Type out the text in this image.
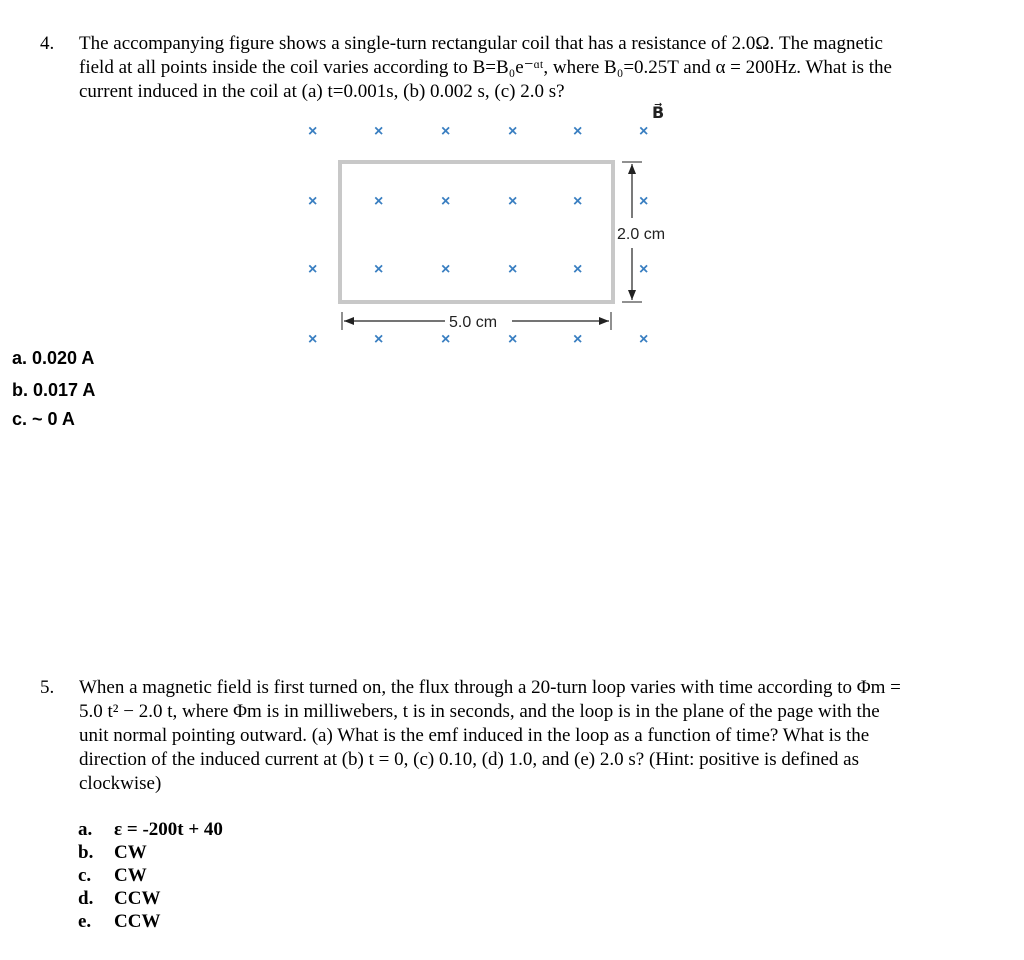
4. The accompanying figure shows a single-turn rectangular coil that has a resistance of 2.0Ω. The magnetic
field at all points inside the coil varies according to B=B₀e⁻ᵅᵗ, where B₀=0.25T and α = 200Hz. What is the
current induced in the coil at (a) t=0.001s, (b) 0.002 s, (c) 2.0 s?
×	×	×	×	×	×
×	×	×	×	×	×
×	×	×	×	×	×
×	×	×	×	×	×
B⃗
2.0 cm
5.0 cm
a. 0.020 A
b. 0.017 A
c. ~ 0 A
5. When a magnetic field is first turned on, the flux through a 20-turn loop varies with time according to Φm =
5.0 t² − 2.0 t, where Φm is in milliwebers, t is in seconds, and the loop is in the plane of the page with the
unit normal pointing outward. (a) What is the emf induced in the loop as a function of time? What is the
direction of the induced current at (b) t = 0, (c) 0.10, (d) 1.0, and (e) 2.0 s? (Hint: positive is defined as
clockwise)
a.	ε = -200t + 40
b.	CW
c.	CW
d.	CCW
e.	CCW
